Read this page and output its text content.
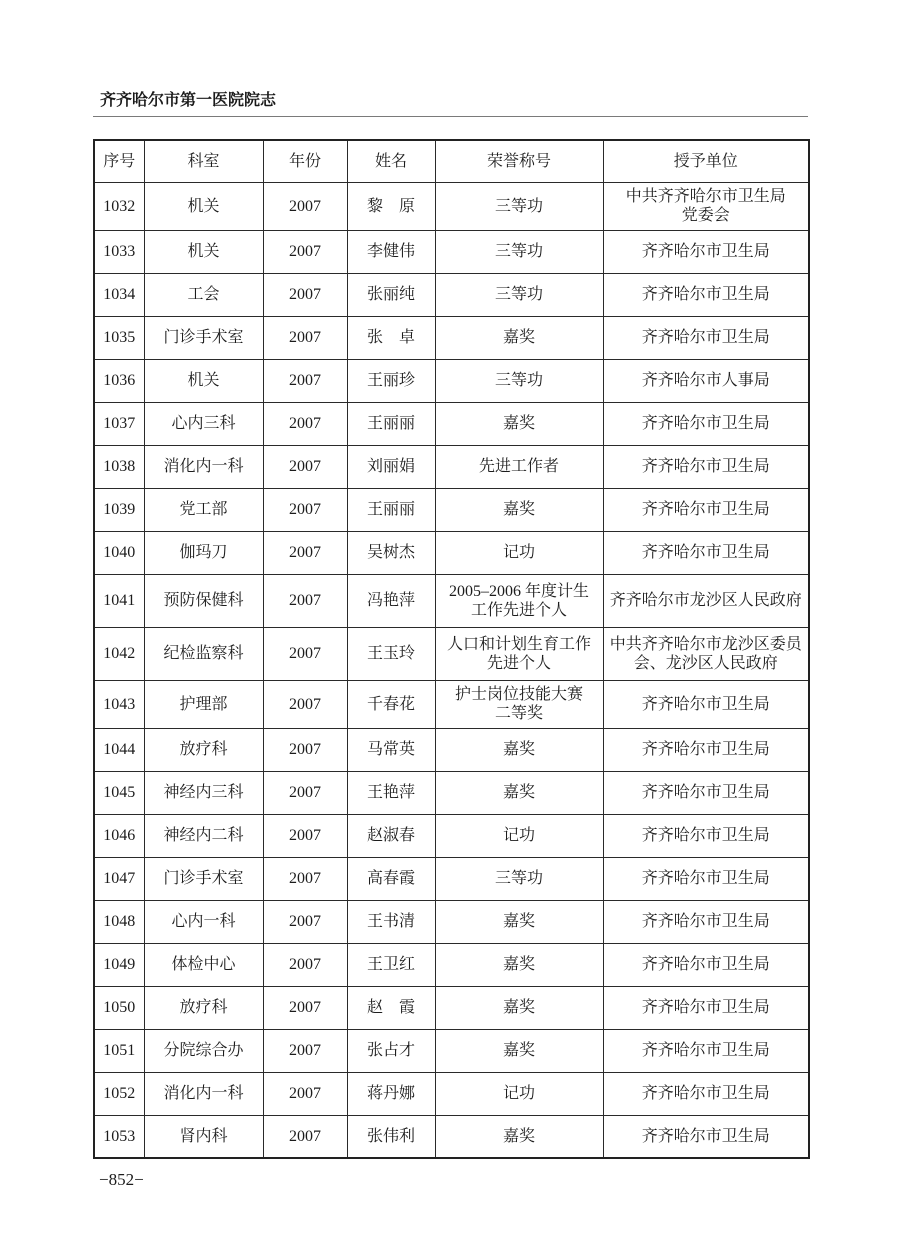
齐齐哈尔市第一医院院志
序号	科室	年份	姓名	荣誉称号	授予单位
1032	机关	2007	黎　原	三等功	中共齐齐哈尔市卫生局
党委会
1033	机关	2007	李健伟	三等功	齐齐哈尔市卫生局
1034	工会	2007	张丽纯	三等功	齐齐哈尔市卫生局
1035	门诊手术室	2007	张　卓	嘉奖	齐齐哈尔市卫生局
1036	机关	2007	王丽珍	三等功	齐齐哈尔市人事局
1037	心内三科	2007	王丽丽	嘉奖	齐齐哈尔市卫生局
1038	消化内一科	2007	刘丽娟	先进工作者	齐齐哈尔市卫生局
1039	党工部	2007	王丽丽	嘉奖	齐齐哈尔市卫生局
1040	伽玛刀	2007	吴树杰	记功	齐齐哈尔市卫生局
1041	预防保健科	2007	冯艳萍	2005–2006 年度计生
工作先进个人	齐齐哈尔市龙沙区人民政府
1042	纪检监察科	2007	王玉玲	人口和计划生育工作
先进个人	中共齐齐哈尔市龙沙区委员
会、龙沙区人民政府
1043	护理部	2007	千春花	护士岗位技能大赛
二等奖	齐齐哈尔市卫生局
1044	放疗科	2007	马常英	嘉奖	齐齐哈尔市卫生局
1045	神经内三科	2007	王艳萍	嘉奖	齐齐哈尔市卫生局
1046	神经内二科	2007	赵淑春	记功	齐齐哈尔市卫生局
1047	门诊手术室	2007	高春霞	三等功	齐齐哈尔市卫生局
1048	心内一科	2007	王书清	嘉奖	齐齐哈尔市卫生局
1049	体检中心	2007	王卫红	嘉奖	齐齐哈尔市卫生局
1050	放疗科	2007	赵　霞	嘉奖	齐齐哈尔市卫生局
1051	分院综合办	2007	张占才	嘉奖	齐齐哈尔市卫生局
1052	消化内一科	2007	蒋丹娜	记功	齐齐哈尔市卫生局
1053	肾内科	2007	张伟利	嘉奖	齐齐哈尔市卫生局
−852−
